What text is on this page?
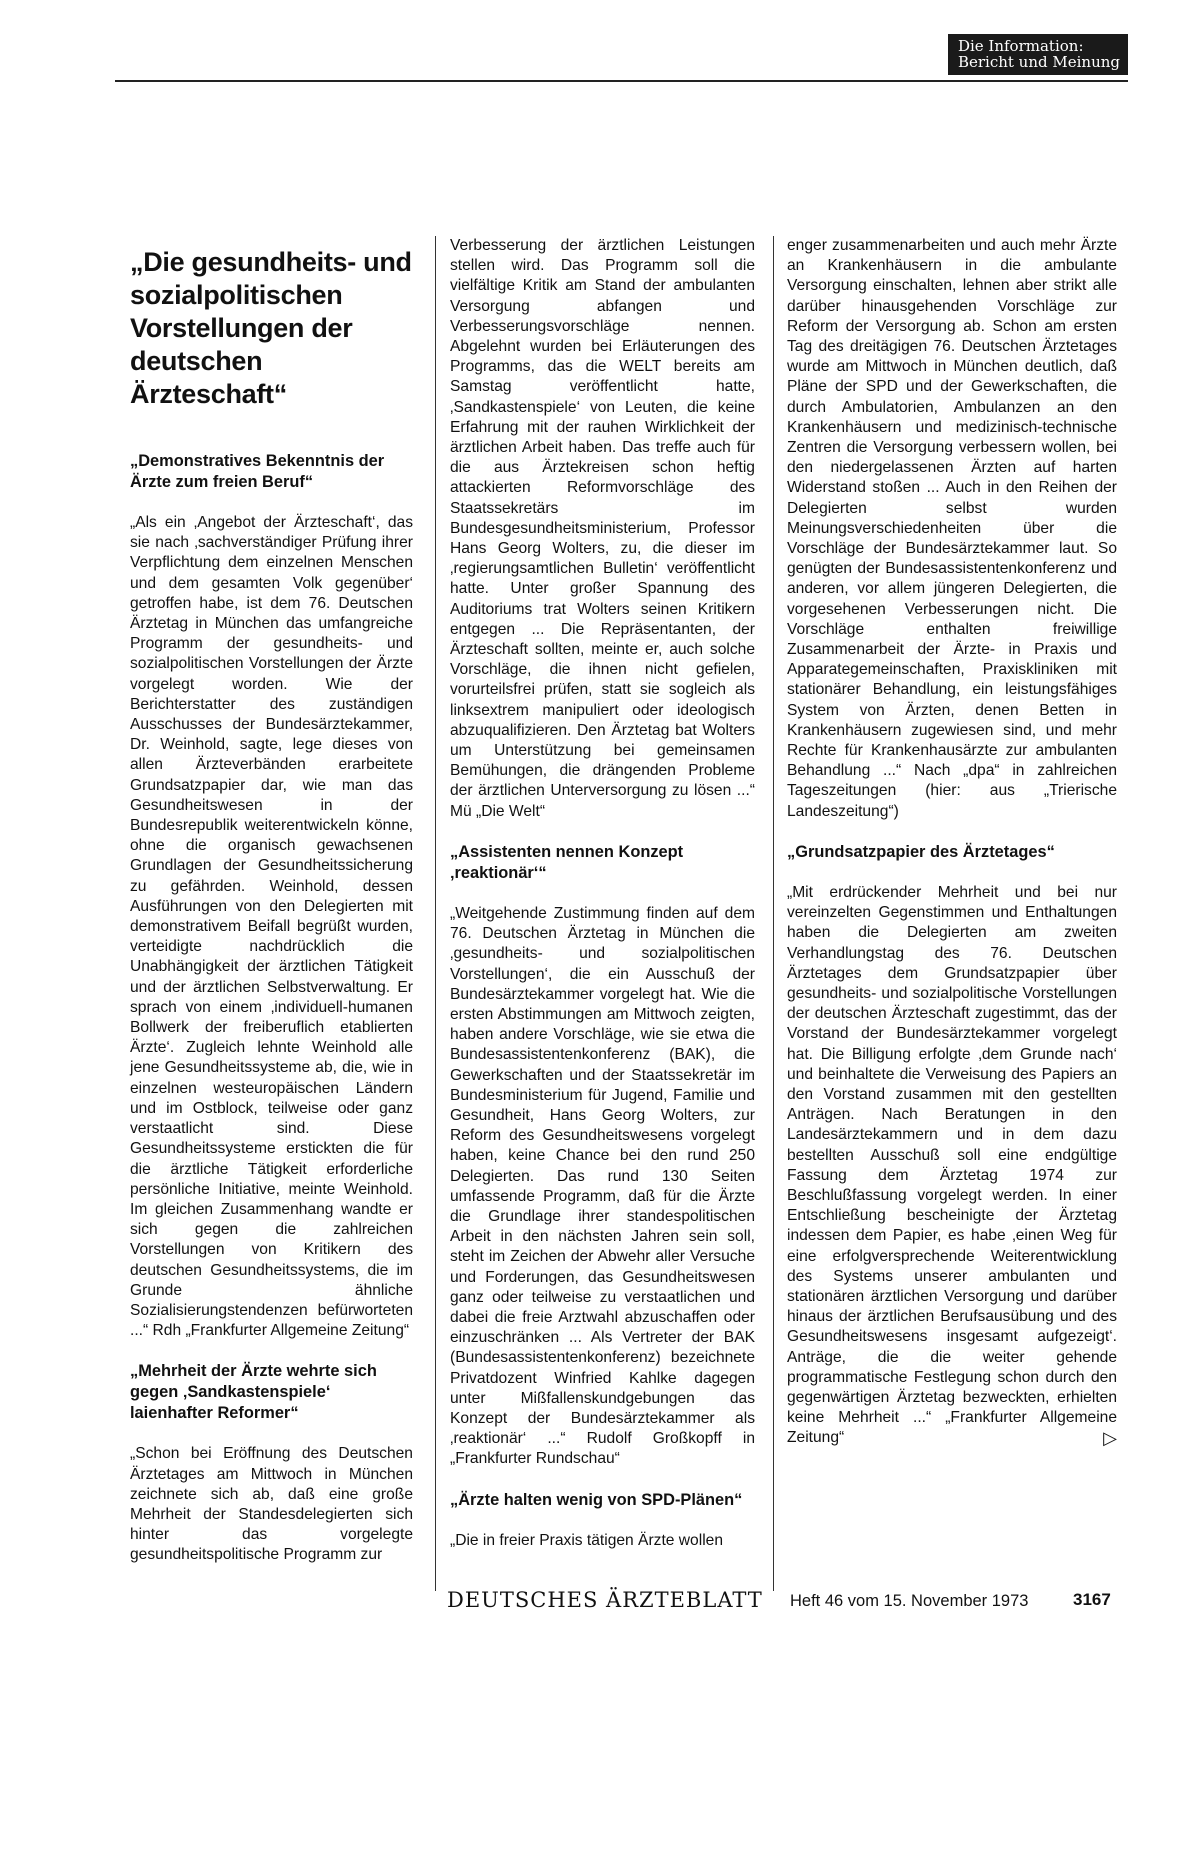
Die Information:
Bericht und Meinung
„Die gesundheits- und sozialpolitischen Vorstellungen der deutschen Ärzteschaft“

„Demonstratives Bekenntnis der Ärzte zum freien Beruf“

„Als ein ‚Angebot der Ärzteschaft‘, das sie nach ‚sachverständiger Prüfung ihrer Verpflichtung dem einzelnen Menschen und dem gesamten Volk gegenüber‘ getroffen habe, ist dem 76. Deutschen Ärztetag in München das umfangreiche Programm der gesundheits- und sozialpolitischen Vorstellungen der Ärzte vorgelegt worden. Wie der Berichterstatter des zuständigen Ausschusses der Bundesärztekammer, Dr. Weinhold, sagte, lege dieses von allen Ärzteverbänden erarbeitete Grundsatzpapier dar, wie man das Gesundheitswesen in der Bundesrepublik weiterentwickeln könne, ohne die organisch gewachsenen Grundlagen der Gesundheitssicherung zu gefährden. Weinhold, dessen Ausführungen von den Delegierten mit demonstrativem Beifall begrüßt wurden, verteidigte nachdrücklich die Unabhängigkeit der ärztlichen Tätigkeit und der ärztlichen Selbstverwaltung. Er sprach von einem ‚individuell-humanen Bollwerk der freiberuflich etablierten Ärzte‘. Zugleich lehnte Weinhold alle jene Gesundheitssysteme ab, die, wie in einzelnen westeuropäischen Ländern und im Ostblock, teilweise oder ganz verstaatlicht sind. Diese Gesundheitssysteme erstickten die für die ärztliche Tätigkeit erforderliche persönliche Initiative, meinte Weinhold. Im gleichen Zusammenhang wandte er sich gegen die zahlreichen Vorstellungen von Kritikern des deutschen Gesundheitssystems, die im Grunde ähnliche Sozialisierungstendenzen befürworteten ...“ Rdh „Frankfurter Allgemeine Zeitung“

„Mehrheit der Ärzte wehrte sich gegen ‚Sandkastenspiele‘ laienhafter Reformer“

„Schon bei Eröffnung des Deutschen Ärztetages am Mittwoch in München zeichnete sich ab, daß eine große Mehrheit der Standesdelegierten sich hinter das vorgelegte gesundheitspolitische Programm zur

Verbesserung der ärztlichen Leistungen stellen wird. Das Programm soll die vielfältige Kritik am Stand der ambulanten Versorgung abfangen und Verbesserungsvorschläge nennen. Abgelehnt wurden bei Erläuterungen des Programms, das die WELT bereits am Samstag veröffentlicht hatte, ‚Sandkastenspiele‘ von Leuten, die keine Erfahrung mit der rauhen Wirklichkeit der ärztlichen Arbeit haben. Das treffe auch für die aus Ärztekreisen schon heftig attackierten Reformvorschläge des Staatssekretärs im Bundesgesundheitsministerium, Professor Hans Georg Wolters, zu, die dieser im ‚regierungsamtlichen Bulletin‘ veröffentlicht hatte. Unter großer Spannung des Auditoriums trat Wolters seinen Kritikern entgegen ... Die Repräsentanten, der Ärzteschaft sollten, meinte er, auch solche Vorschläge, die ihnen nicht gefielen, vorurteilsfrei prüfen, statt sie sogleich als linksextrem manipuliert oder ideologisch abzuqualifizieren. Den Ärztetag bat Wolters um Unterstützung bei gemeinsamen Bemühungen, die drängenden Probleme der ärztlichen Unterversorgung zu lösen ...“ Mü „Die Welt“

„Assistenten nennen Konzept ‚reaktionär‘“

„Weitgehende Zustimmung finden auf dem 76. Deutschen Ärztetag in München die ‚gesundheits- und sozialpolitischen Vorstellungen‘, die ein Ausschuß der Bundesärztekammer vorgelegt hat. Wie die ersten Abstimmungen am Mittwoch zeigten, haben andere Vorschläge, wie sie etwa die Bundesassistentenkonferenz (BAK), die Gewerkschaften und der Staatssekretär im Bundesministerium für Jugend, Familie und Gesundheit, Hans Georg Wolters, zur Reform des Gesundheitswesens vorgelegt haben, keine Chance bei den rund 250 Delegierten. Das rund 130 Seiten umfassende Programm, daß für die Ärzte die Grundlage ihrer standespolitischen Arbeit in den nächsten Jahren sein soll, steht im Zeichen der Abwehr aller Versuche und Forderungen, das Gesundheitswesen ganz oder teilweise zu verstaatlichen und dabei die freie Arztwahl abzuschaffen oder einzuschränken ... Als Vertreter der BAK (Bundesassistentenkonferenz) bezeichnete Privatdozent Winfried Kahlke dagegen unter Mißfallenskundgebungen das Konzept der Bundesärztekammer als ‚reaktionär‘ ...“ Rudolf Großkopff in „Frankfurter Rundschau“

„Ärzte halten wenig von SPD-Plänen“

„Die in freier Praxis tätigen Ärzte wollen

enger zusammenarbeiten und auch mehr Ärzte an Krankenhäusern in die ambulante Versorgung einschalten, lehnen aber strikt alle darüber hinausgehenden Vorschläge zur Reform der Versorgung ab. Schon am ersten Tag des dreitägigen 76. Deutschen Ärztetages wurde am Mittwoch in München deutlich, daß Pläne der SPD und der Gewerkschaften, die durch Ambulatorien, Ambulanzen an den Krankenhäusern und medizinisch-technische Zentren die Versorgung verbessern wollen, bei den niedergelassenen Ärzten auf harten Widerstand stoßen ... Auch in den Reihen der Delegierten selbst wurden Meinungsverschiedenheiten über die Vorschläge der Bundesärztekammer laut. So genügten der Bundesassistentenkonferenz und anderen, vor allem jüngeren Delegierten, die vorgesehenen Verbesserungen nicht. Die Vorschläge enthalten freiwillige Zusammenarbeit der Ärzte- in Praxis und Apparategemeinschaften, Praxiskliniken mit stationärer Behandlung, ein leistungsfähiges System von Ärzten, denen Betten in Krankenhäusern zugewiesen sind, und mehr Rechte für Krankenhausärzte zur ambulanten Behandlung ...“ Nach „dpa“ in zahlreichen Tageszeitungen (hier: aus „Trierische Landeszeitung“)

„Grundsatzpapier des Ärztetages“

„Mit erdrückender Mehrheit und bei nur vereinzelten Gegenstimmen und Enthaltungen haben die Delegierten am zweiten Verhandlungstag des 76. Deutschen Ärztetages dem Grundsatzpapier über gesundheits- und sozialpolitische Vorstellungen der deutschen Ärzteschaft zugestimmt, das der Vorstand der Bundesärztekammer vorgelegt hat. Die Billigung erfolgte ‚dem Grunde nach‘ und beinhaltete die Verweisung des Papiers an den Vorstand zusammen mit den gestellten Anträgen. Nach Beratungen in den Landesärztekammern und in dem dazu bestellten Ausschuß soll eine endgültige Fassung dem Ärztetag 1974 zur Beschlußfassung vorgelegt werden. In einer Entschließung bescheinigte der Ärztetag indessen dem Papier, es habe ‚einen Weg für eine erfolgversprechende Weiterentwicklung des Systems unserer ambulanten und stationären ärztlichen Versorgung und darüber hinaus der ärztlichen Berufsausübung und des Gesundheitswesens insgesamt aufgezeigt‘. Anträge, die die weiter gehende programmatische Festlegung schon durch den gegenwärtigen Ärztetag bezweckten, erhielten keine Mehrheit ...“ „Frankfurter Allgemeine Zeitung“	▷

DEUTSCHES ÄRZTEBLATT Heft 46 vom 15. November 1973	3167
